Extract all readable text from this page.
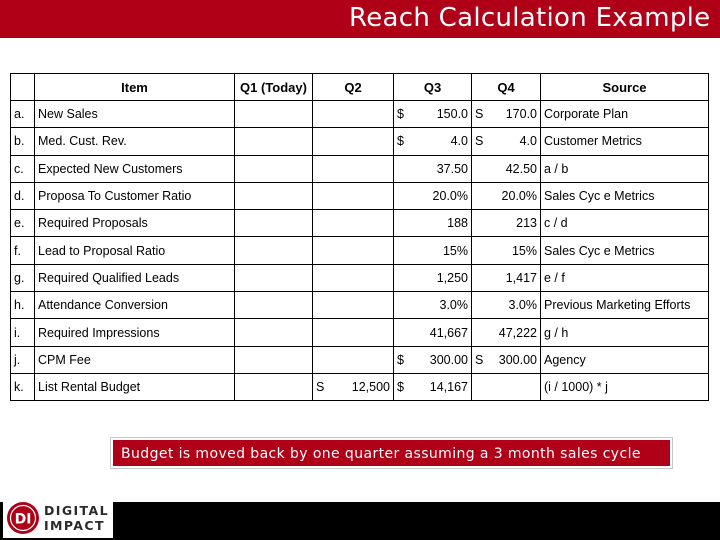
Reach Calculation Example
	Item	Q1 (Today)	Q2	Q3	Q4	Source
a.	New Sales			$ 150.0	S 170.0	Corporate Plan
b.	Med. Cust. Rev.			$ 4.0	S 4.0	Customer Metrics
c.	Expected New Customers			37.50	42.50	a / b
d.	Proposa To Customer Ratio			20.0%	20.0%	Sales Cyc e Metrics
e.	Required Proposals			188	213	c / d
f.	Lead to Proposal Ratio			15%	15%	Sales Cyc e Metrics
g.	Required Qualified Leads			1,250	1,417	e / f
h.	Attendance Conversion			3.0%	3.0%	Previous Marketing Efforts
i.	Required Impressions			41,667	47,222	g / h
j.	CPM Fee			$ 300.00	S 300.00	Agency
k.	List Rental Budget		S 12,500	$ 14,167		(i / 1000) * j
Budget is moved back by one quarter assuming a 3 month sales cycle
DI
DIGITAL
IMPACT
